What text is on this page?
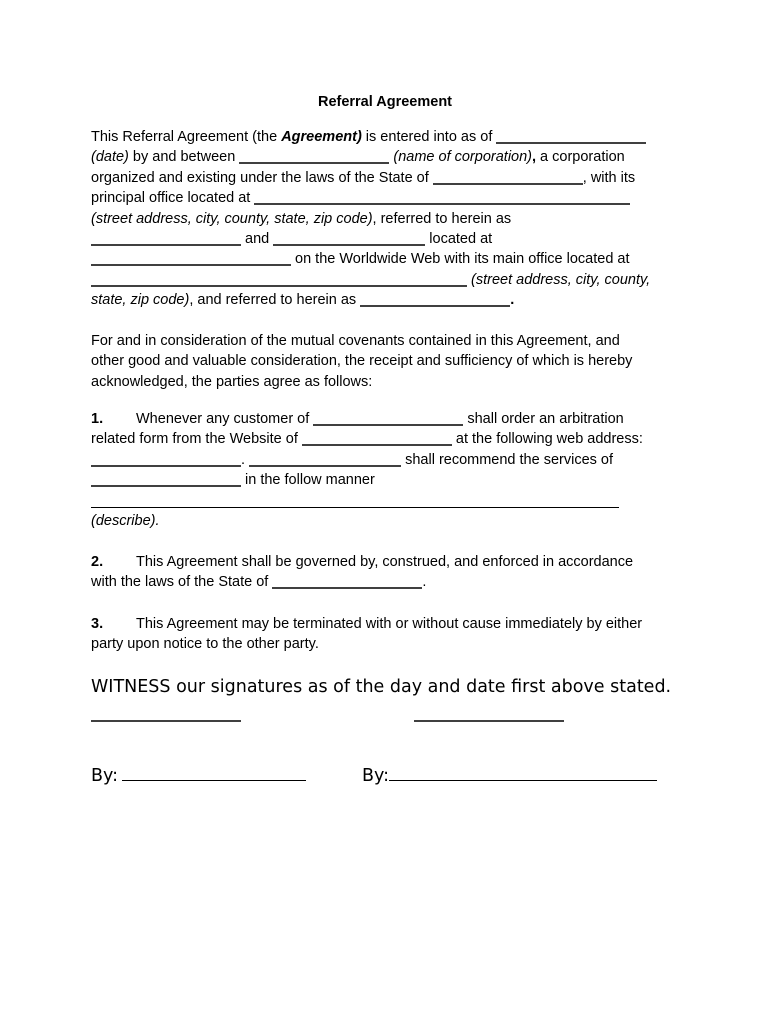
Referral Agreement
This Referral Agreement (the Agreement) is entered into as of
(date) by and between	(name of corporation), a corporation
organized and existing under the laws of the State of	, with its
principal office located at
(street address, city, county, state, zip code), referred to herein as
and	located at
on the Worldwide Web with its main office located at
(street address, city, county,
state, zip code), and referred to herein as	.
For and in consideration of the mutual covenants contained in this Agreement, and
other good and valuable consideration, the receipt and sufficiency of which is hereby
acknowledged, the parties agree as follows:
1. Whenever any customer of	shall order an arbitration
related form from the Website of	at the following web address:
.	shall recommend the services of
in the follow manner
(describe).
2. This Agreement shall be governed by, construed, and enforced in accordance
with the laws of the State of	.
3. This Agreement may be terminated with or without cause immediately by either
party upon notice to the other party.
WITNESS our signatures as of the day and date first above stated.
By:	By:
